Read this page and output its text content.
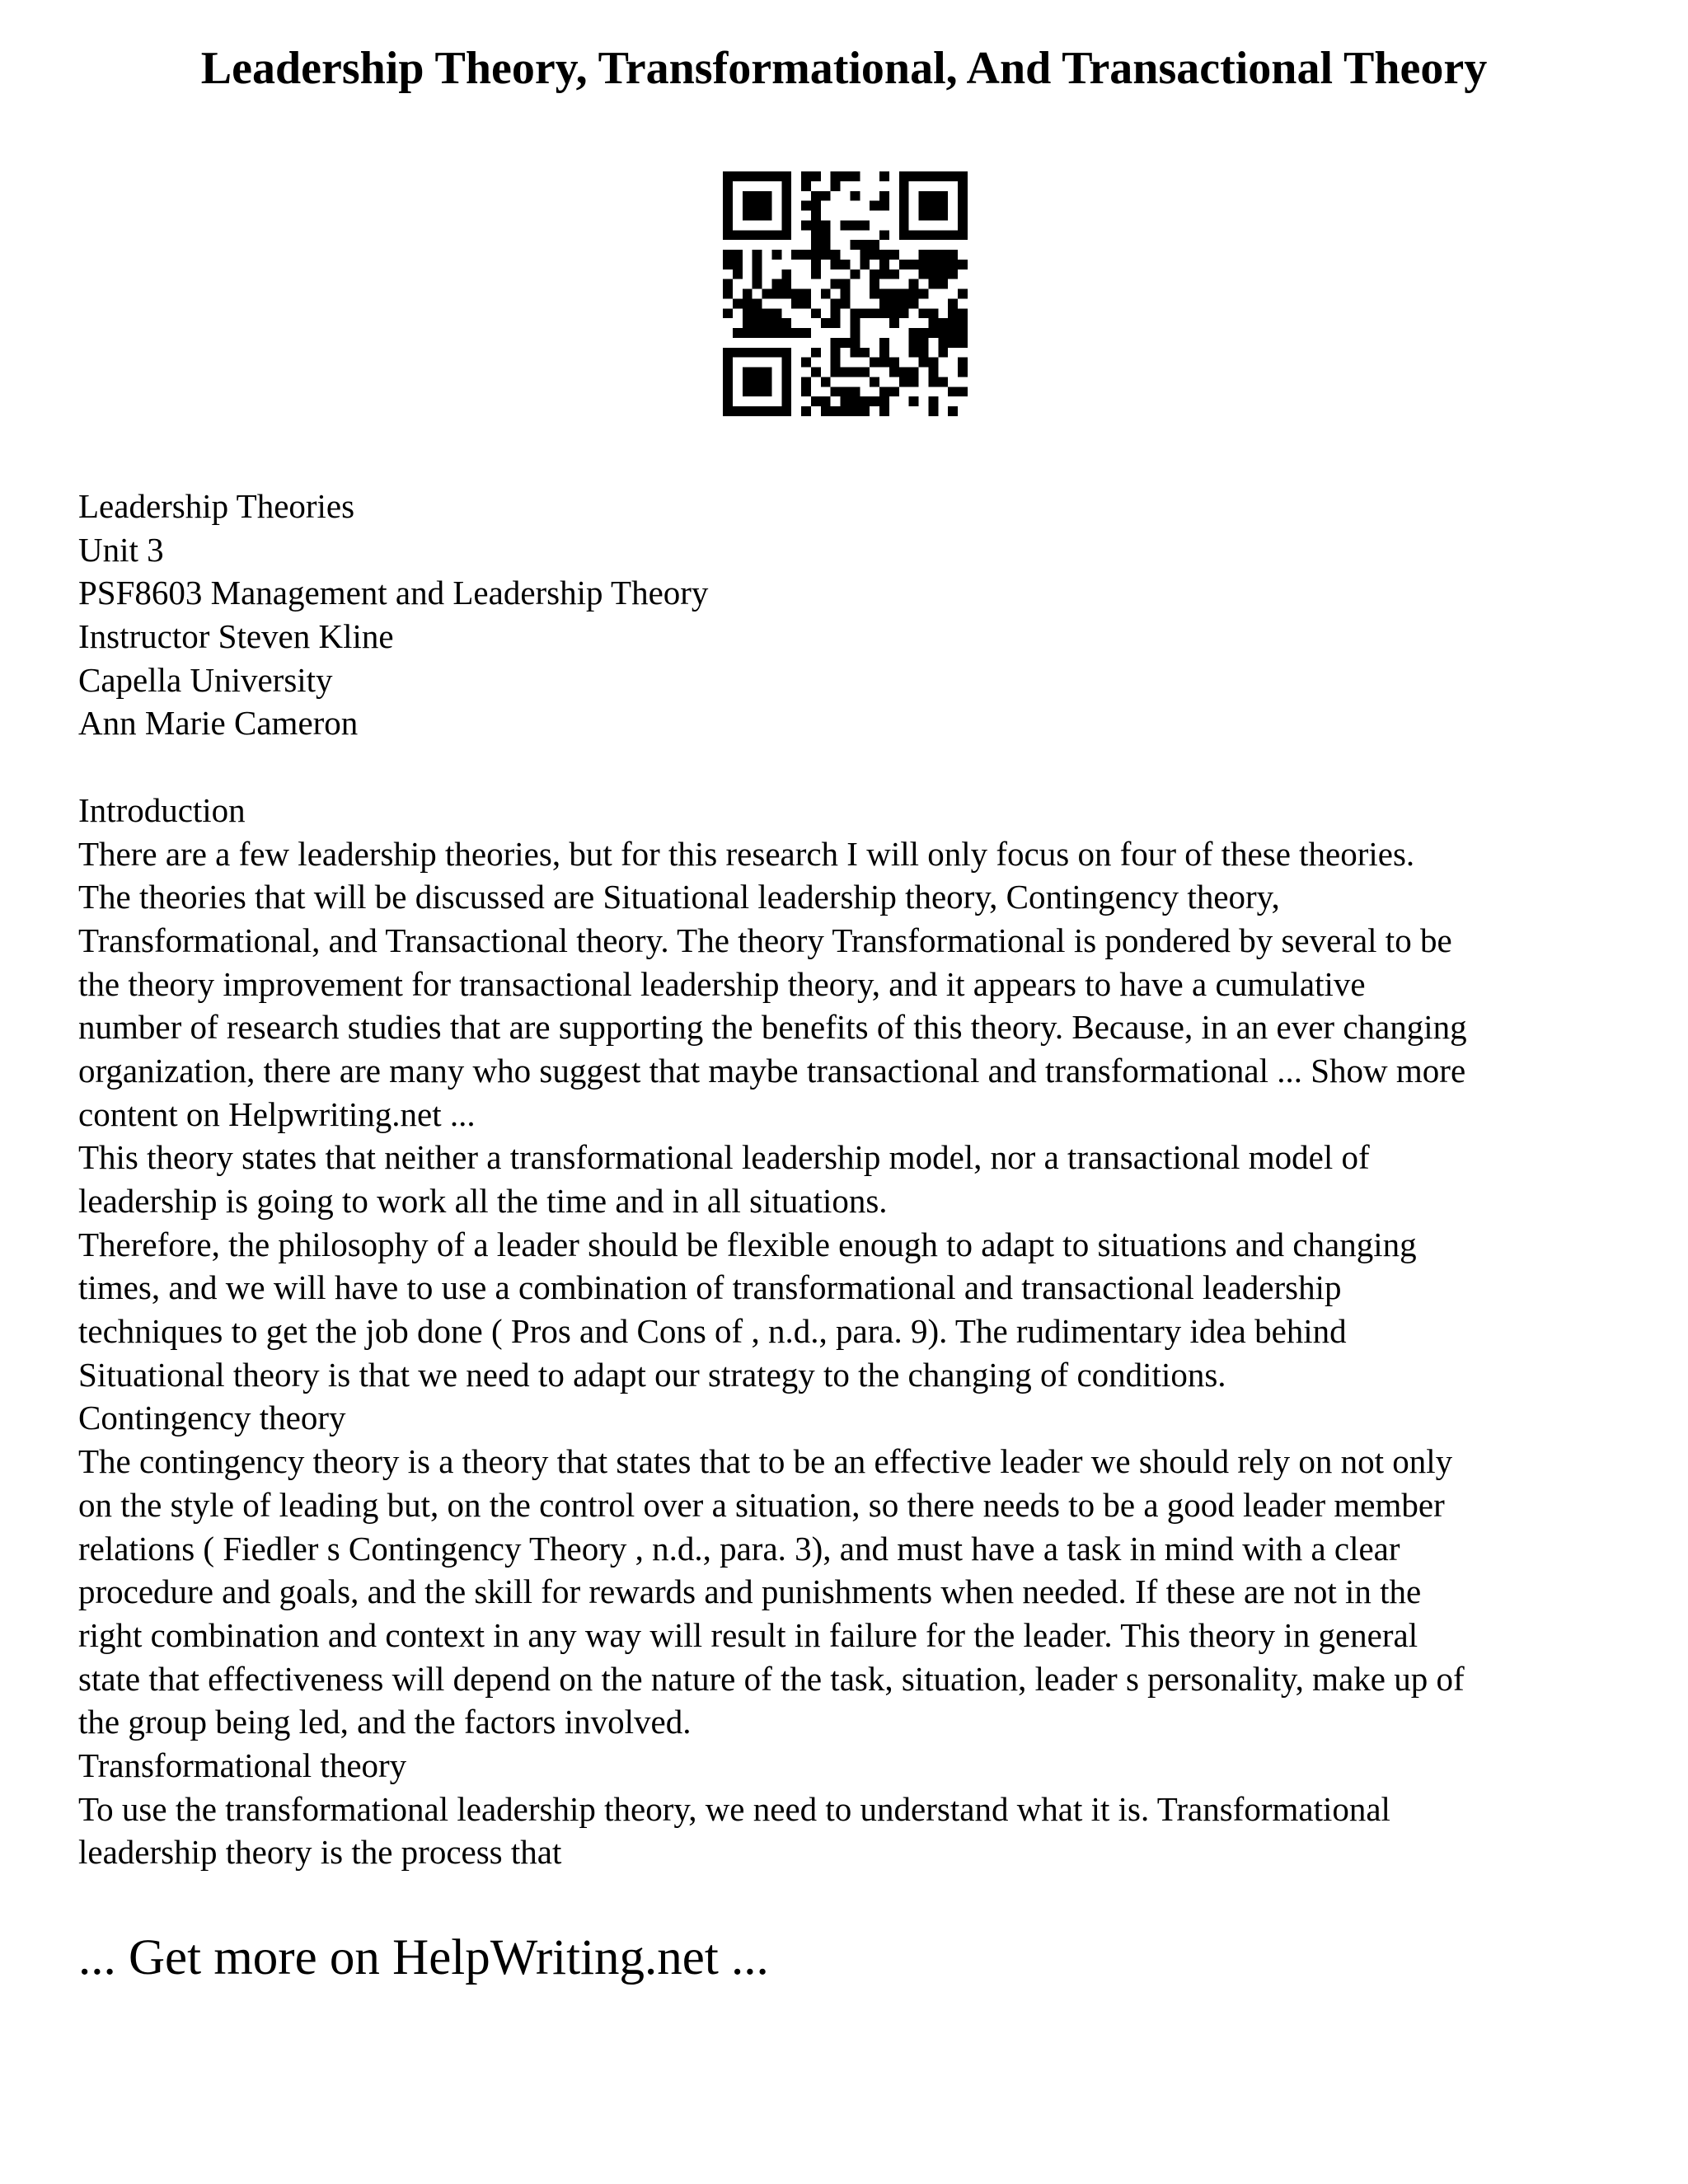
Leadership Theory, Transformational, And Transactional Theory
Leadership Theories
Unit 3
PSF8603 Management and Leadership Theory
Instructor Steven Kline
Capella University
Ann Marie Cameron
Introduction
There are a few leadership theories, but for this research I will only focus on four of these theories.
The theories that will be discussed are Situational leadership theory, Contingency theory,
Transformational, and Transactional theory. The theory Transformational is pondered by several to be
the theory improvement for transactional leadership theory, and it appears to have a cumulative
number of research studies that are supporting the benefits of this theory. Because, in an ever changing
organization, there are many who suggest that maybe transactional and transformational ... Show more
content on Helpwriting.net ...
This theory states that neither a transformational leadership model, nor a transactional model of
leadership is going to work all the time and in all situations.
Therefore, the philosophy of a leader should be flexible enough to adapt to situations and changing
times, and we will have to use a combination of transformational and transactional leadership
techniques to get the job done ( Pros and Cons of , n.d., para. 9). The rudimentary idea behind
Situational theory is that we need to adapt our strategy to the changing of conditions.
Contingency theory
The contingency theory is a theory that states that to be an effective leader we should rely on not only
on the style of leading but, on the control over a situation, so there needs to be a good leader member
relations ( Fiedler s Contingency Theory , n.d., para. 3), and must have a task in mind with a clear
procedure and goals, and the skill for rewards and punishments when needed. If these are not in the
right combination and context in any way will result in failure for the leader. This theory in general
state that effectiveness will depend on the nature of the task, situation, leader s personality, make up of
the group being led, and the factors involved.
Transformational theory
To use the transformational leadership theory, we need to understand what it is. Transformational
leadership theory is the process that
... Get more on HelpWriting.net ...
